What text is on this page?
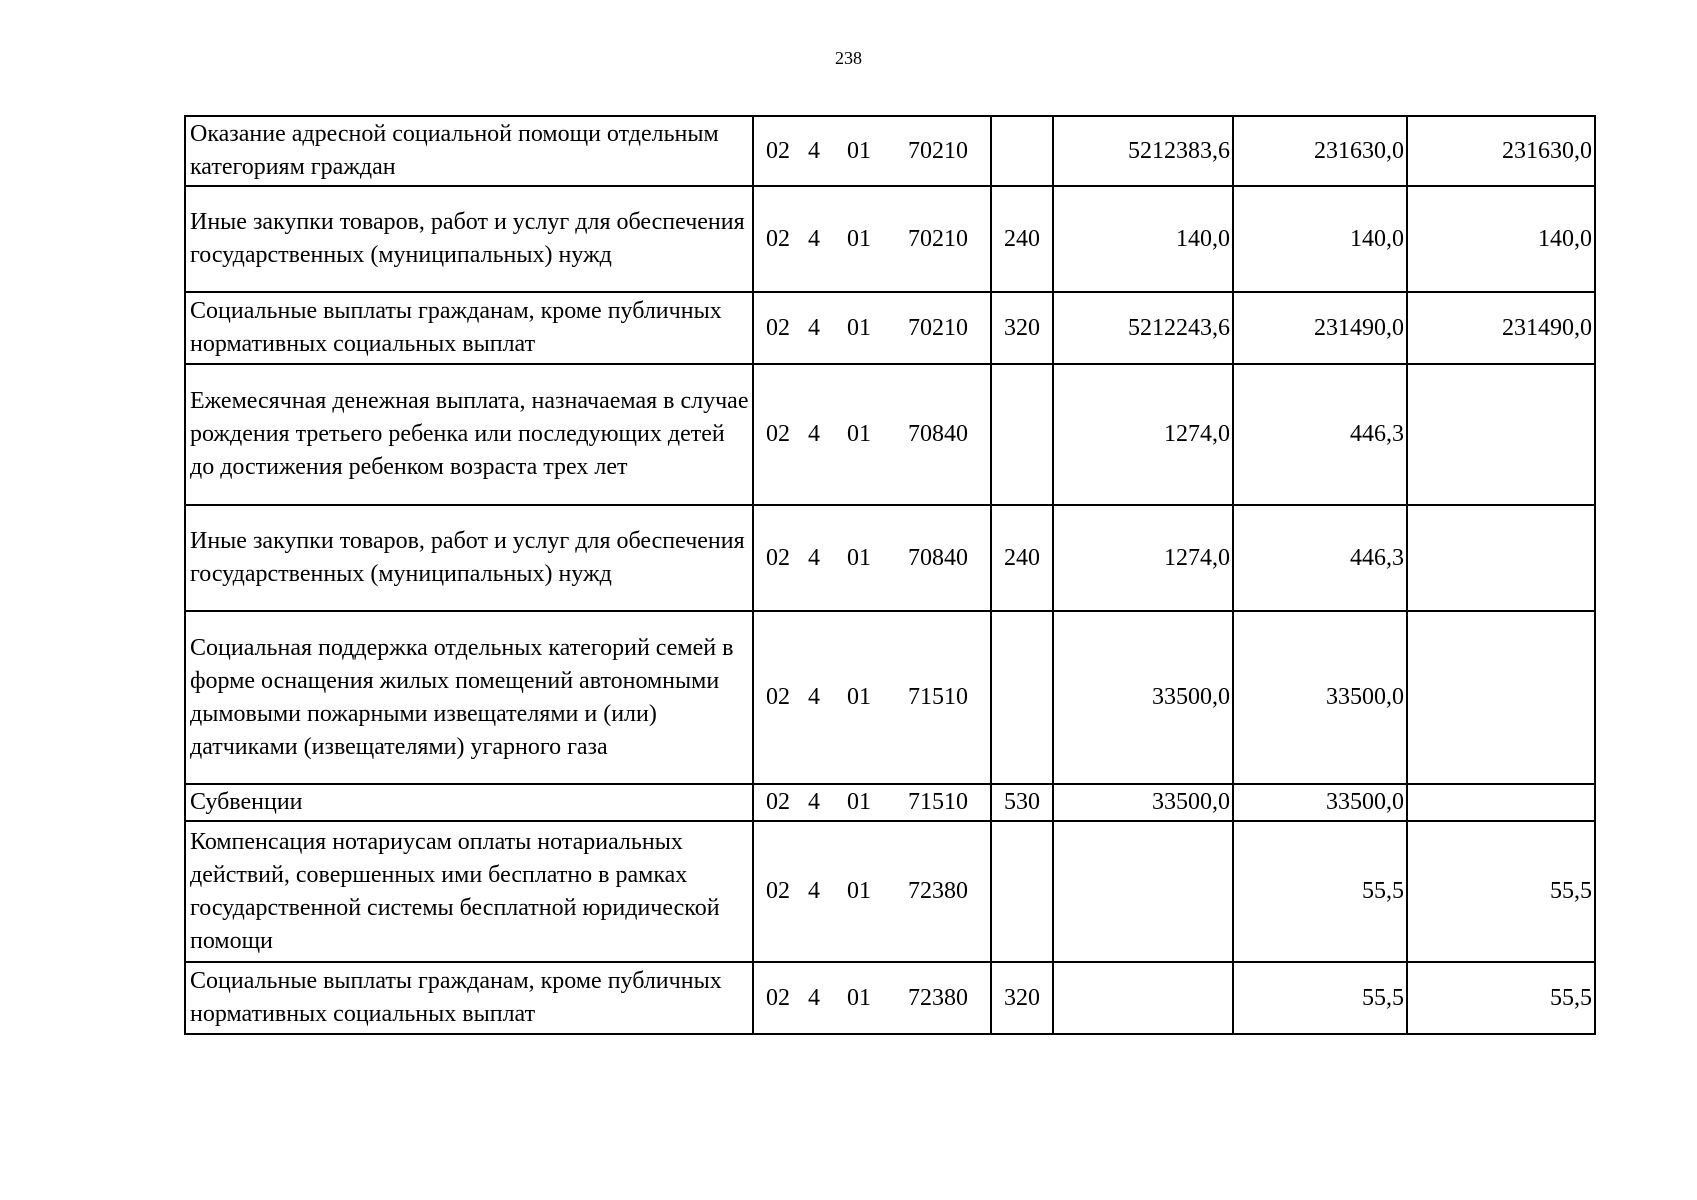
238
Оказание адресной социальной помощи отдельным категориям граждан	02 4 01 70210		5212383,6	231630,0	231630,0
Иные закупки товаров, работ и услуг для обеспечения государственных (муниципальных) нужд	02 4 01 70210	240	140,0	140,0	140,0
Социальные выплаты гражданам, кроме публичных нормативных социальных выплат	02 4 01 70210	320	5212243,6	231490,0	231490,0
Ежемесячная денежная выплата, назначаемая в случае рождения третьего ребенка или последующих детей до достижения ребенком возраста трех лет	02 4 01 70840		1274,0	446,3	
Иные закупки товаров, работ и услуг для обеспечения государственных (муниципальных) нужд	02 4 01 70840	240	1274,0	446,3	
Социальная поддержка отдельных категорий семей в форме оснащения жилых помещений автономными дымовыми пожарными извещателями и (или) датчиками (извещателями) угарного газа	02 4 01 71510		33500,0	33500,0	
Субвенции	02 4 01 71510	530	33500,0	33500,0	
Компенсация нотариусам оплаты нотариальных действий, совершенных ими бесплатно в рамках государственной системы бесплатной юридической помощи	02 4 01 72380			55,5	55,5
Социальные выплаты гражданам, кроме публичных нормативных социальных выплат	02 4 01 72380	320		55,5	55,5
